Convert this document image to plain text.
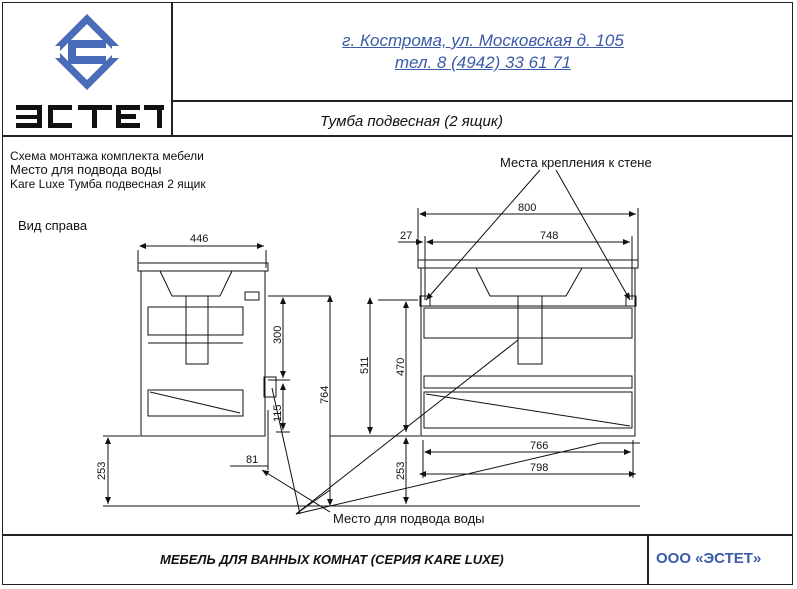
г. Кострома, ул. Московская д. 105
тел. 8 (4942) 33 61 71
Тумба подвесная (2 ящик)
Схема монтажа комплекта мебели
Место для подвода воды
Kare Luxe Тумба подвесная 2 ящик
Вид справа
Места крепления к стене
Место для подвода воды
446
300
115
81
253
764
511
800
27	748
470
766
798
253
МЕБЕЛЬ ДЛЯ ВАННЫХ КОМНАТ (СЕРИЯ KARE LUXE)	ООО «ЭСТЕТ»
